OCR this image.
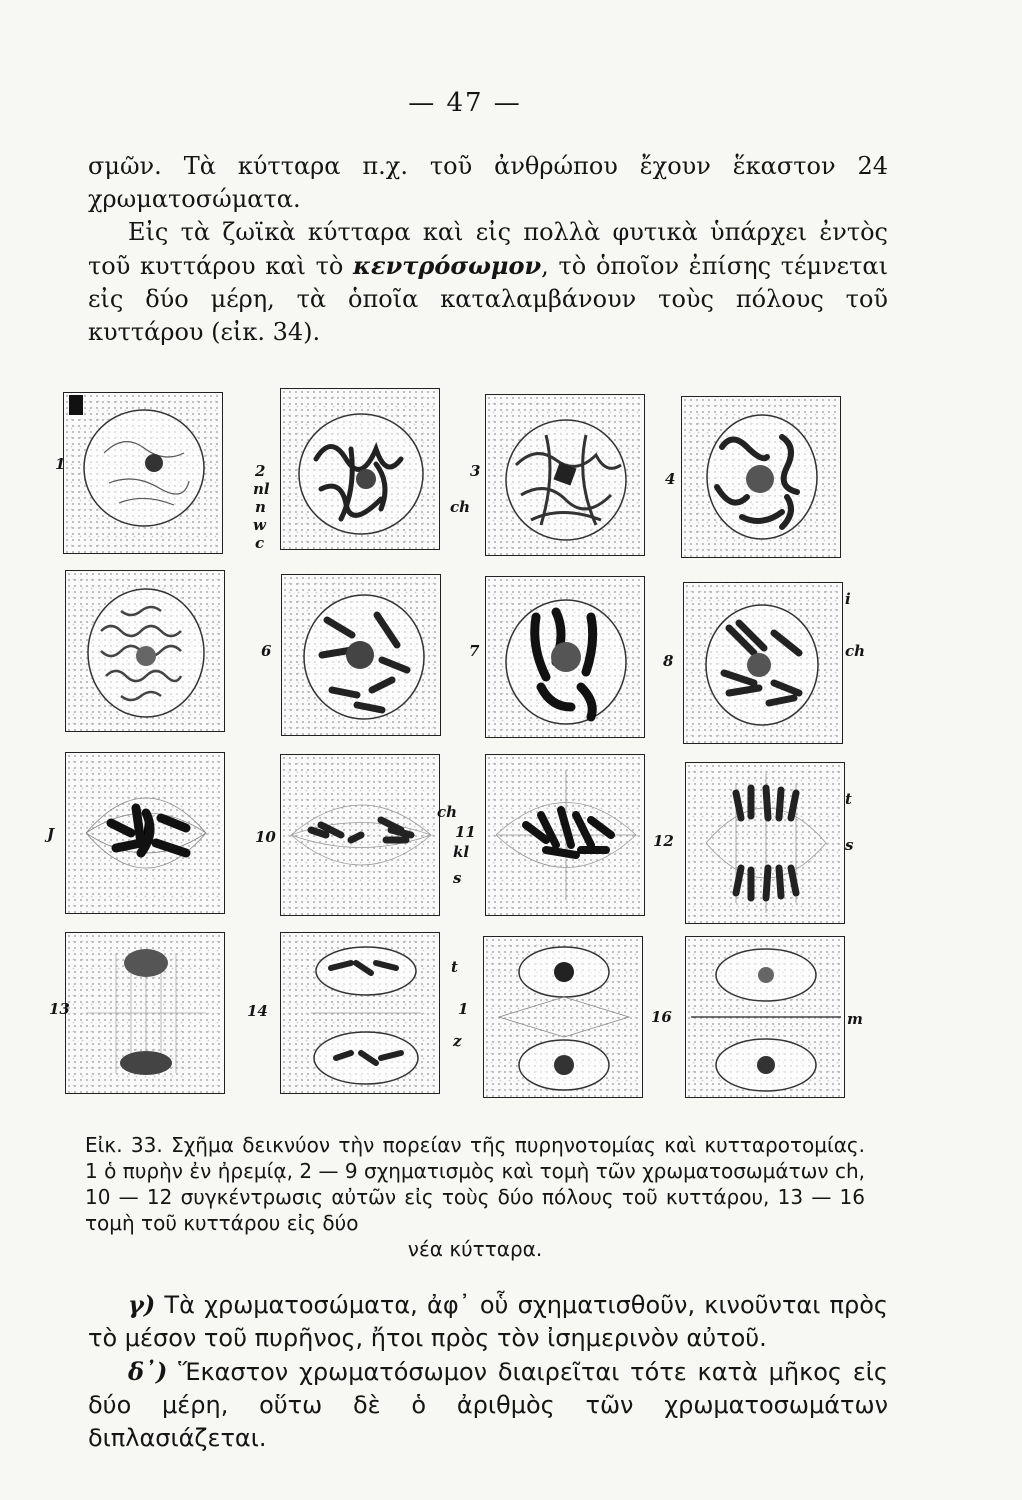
— 47 —

σμῶν. Τὰ κύτταρα π.χ. τοῦ ἀνθρώπου ἔχουν ἕκαστον 24 χρωματοσώματα.

Εἰς τὰ ζωϊκὰ κύτταρα καὶ εἰς πολλὰ φυτικὰ ὑπάρχει ἐντὸς τοῦ κυττάρου καὶ τὸ κεντρόσωμον, τὸ ὁποῖον ἐπίσης τέμνεται εἰς δύο μέρη, τὰ ὁποῖα καταλαμβάνουν τοὺς πόλους τοῦ κυττάρου (εἰκ. 34).

1	2
nl
n
w
c
ch
3	4
i
ch
6	7
8
J
ch
11
10
kl
s
12
t
s
t
13	14
z
1	16	m
Εἰκ. 33. Σχῆμα δεικνύον τὴν πορείαν τῆς πυρηνοτομίας καὶ κυτταροτομίας. 1 ὁ πυρὴν ἐν ἠρεμίᾳ, 2 — 9 σχηματισμὸς καὶ τομὴ τῶν χρωματοσωμάτων ch, 10 — 12 συγκέντρωσις αὐτῶν εἰς τοὺς δύο πόλους τοῦ κυττάρου, 13 — 16 τομὴ τοῦ κυττάρου εἰς δύο
νέα κύτταρα.

γ) Τὰ χρωματοσώματα, ἀφ᾽ οὗ σχηματισθοῦν, κινοῦνται πρὸς τὸ μέσον τοῦ πυρῆνος, ἤτοι πρὸς τὸν ἰσημερινὸν αὐτοῦ.

δ᾽) Ἕκαστον χρωματόσωμον διαιρεῖται τότε κατὰ μῆκος εἰς δύο μέρη, οὕτω δὲ ὁ ἀριθμὸς τῶν χρωματοσωμάτων διπλασιάζεται.
